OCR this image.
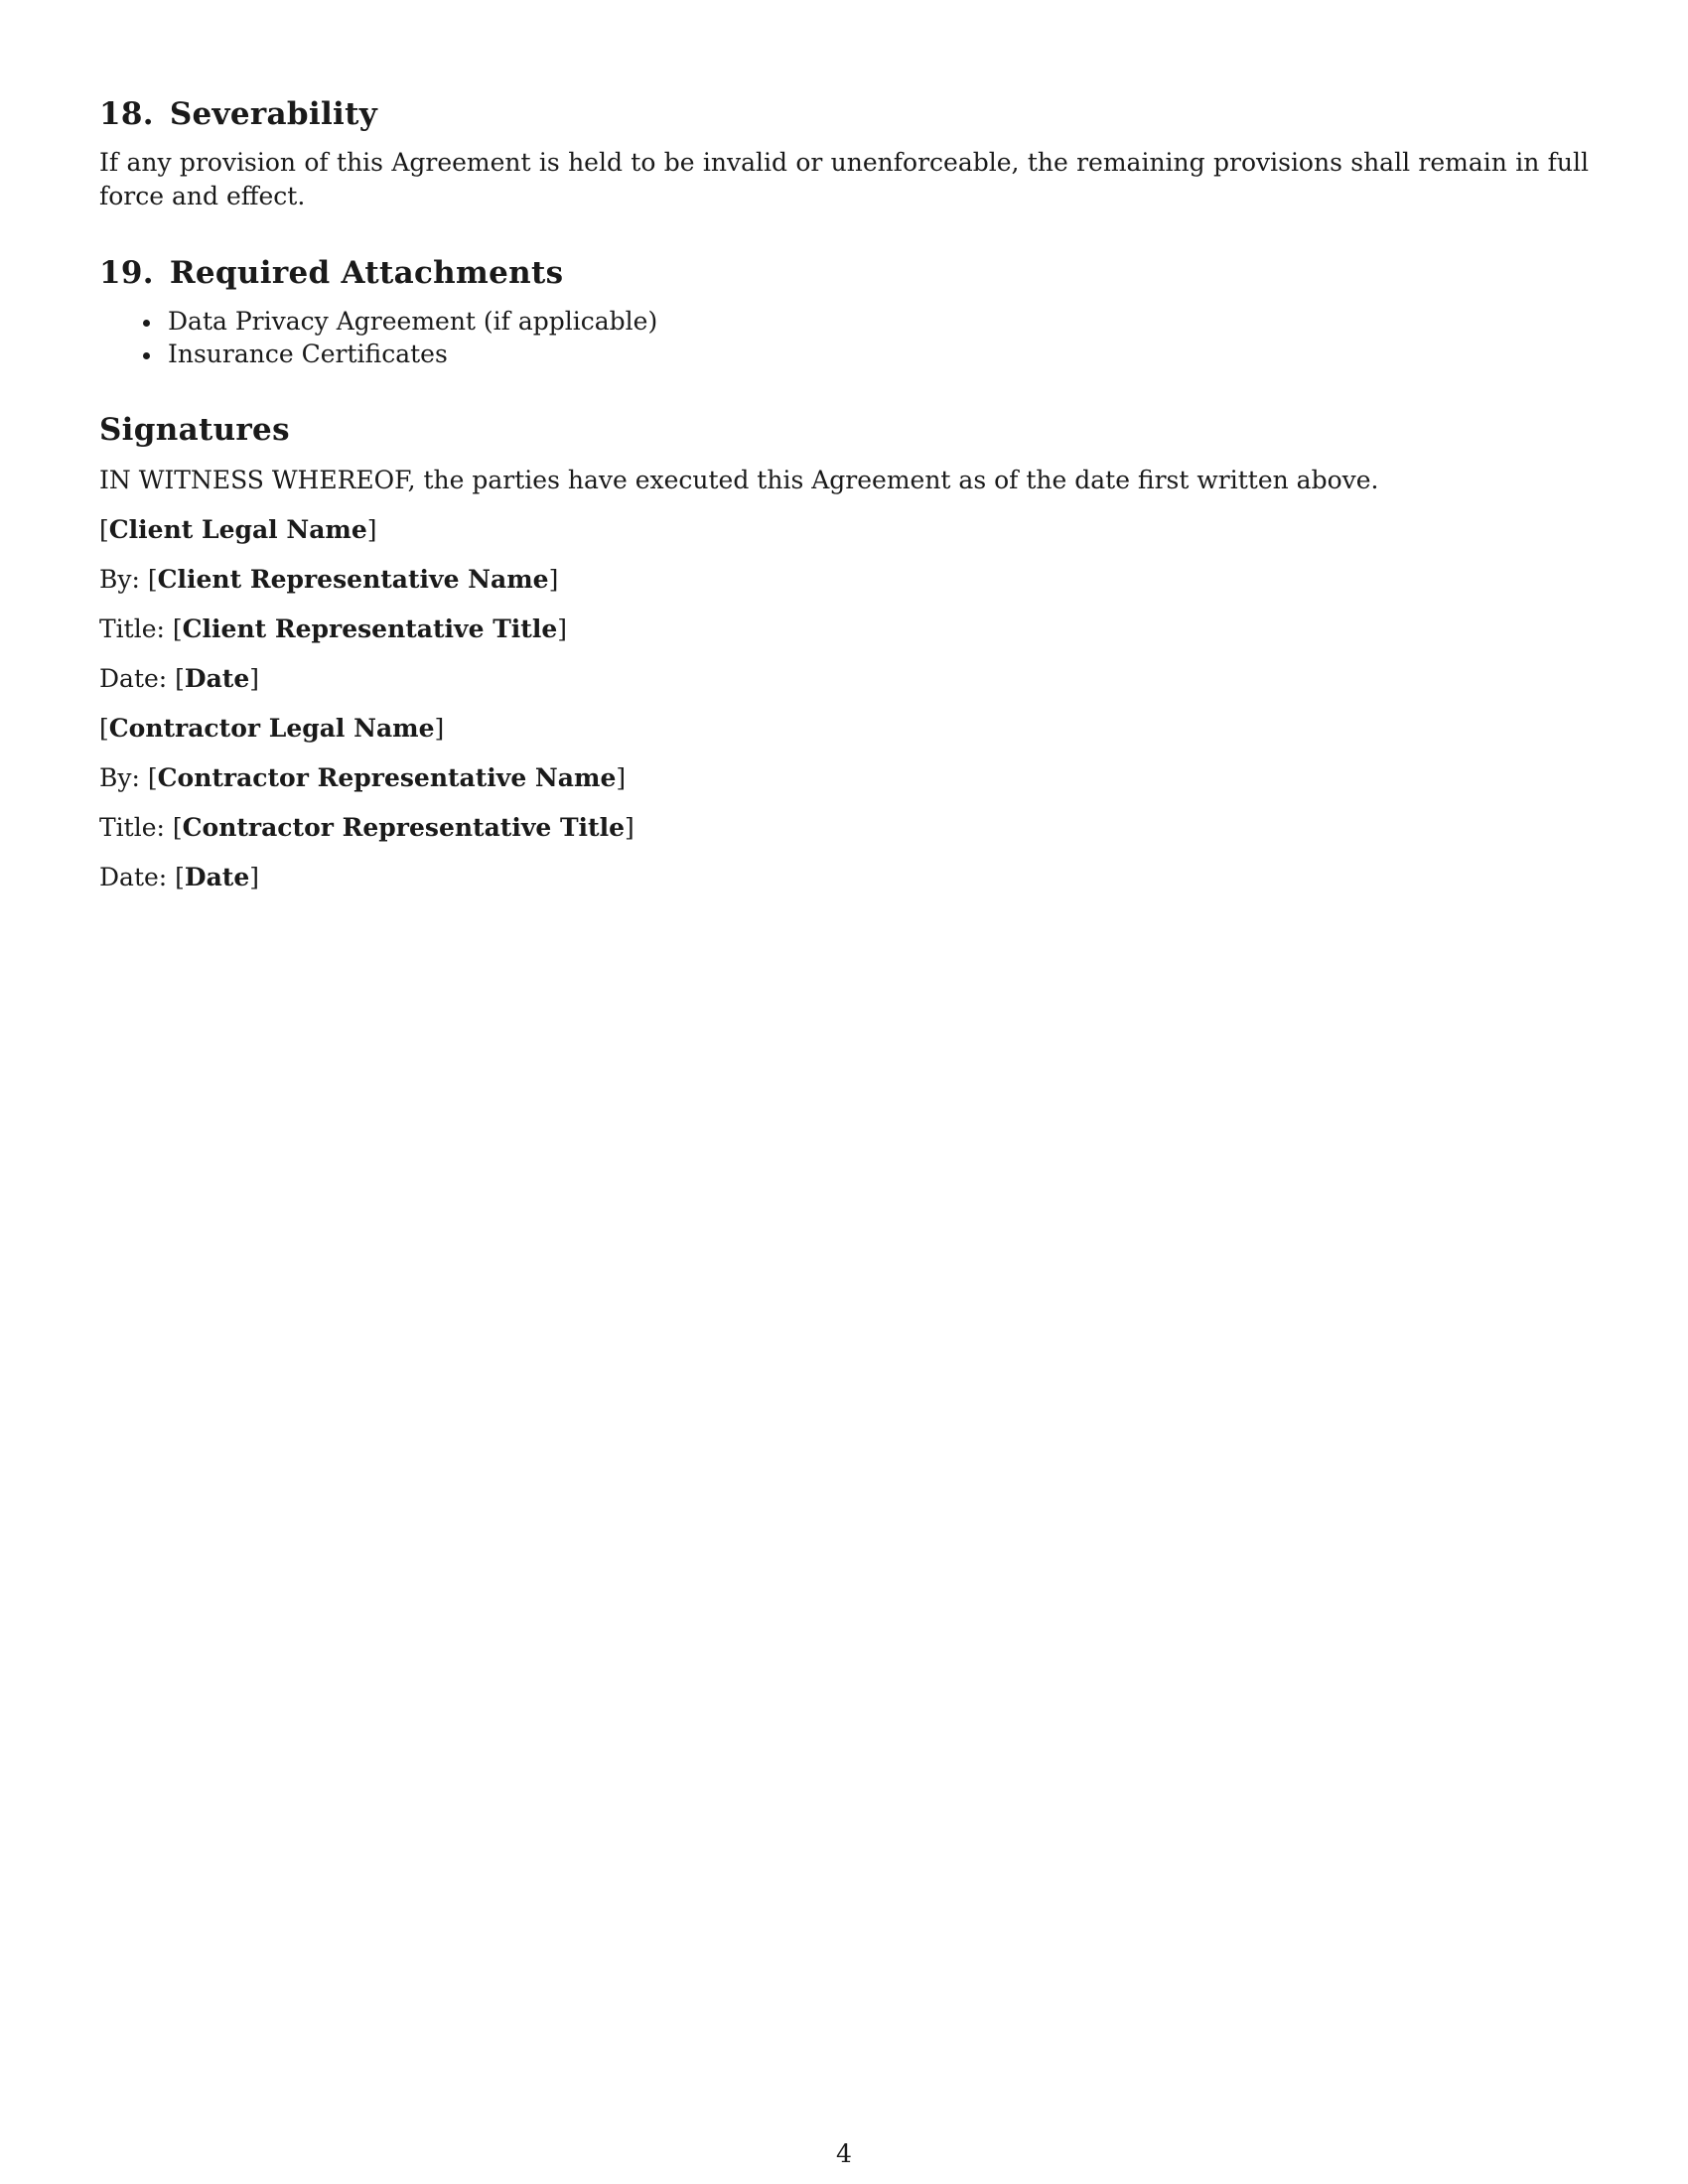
18. Severability

If any provision of this Agreement is held to be invalid or unenforceable, the remaining provisions shall remain in full force and effect.

19. Required Attachments
Data Privacy Agreement (if applicable)
Insurance Certificates
Signatures

IN WITNESS WHEREOF, the parties have executed this Agreement as of the date first written above.

[Client Legal Name]

By: [Client Representative Name]

Title: [Client Representative Title]

Date: [Date]

[Contractor Legal Name]

By: [Contractor Representative Name]

Title: [Contractor Representative Title]

Date: [Date]

4
